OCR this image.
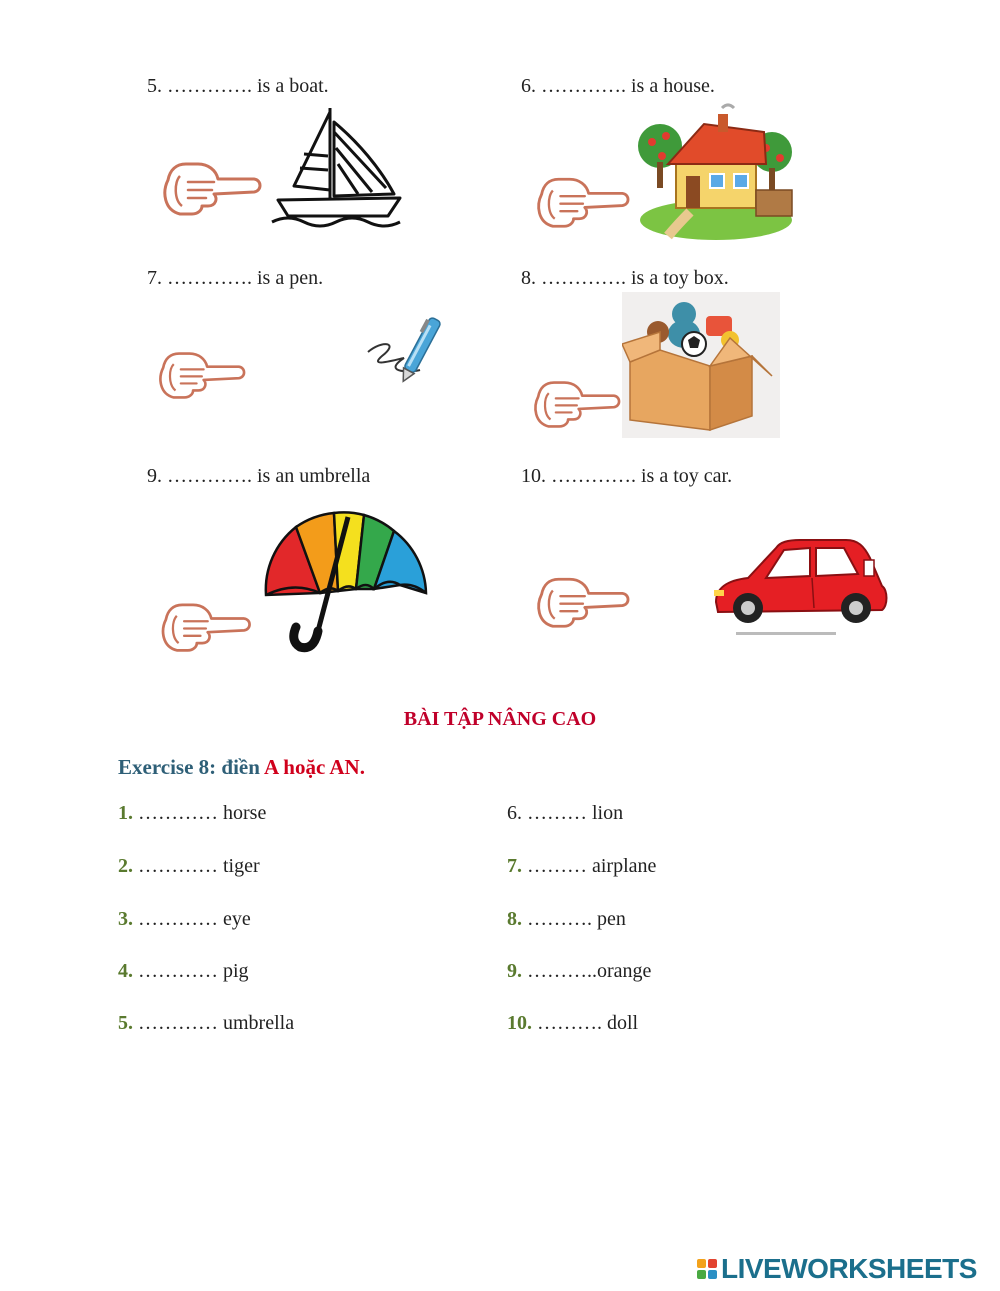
5. …………. is a boat.	6. …………. is a house.
7. …………. is a pen.	8. …………. is a toy box.
9. …………. is an umbrella	10. …………. is a toy car.
BÀI TẬP NÂNG CAO
Exercise 8: điền A hoặc AN.
1. ………… horse
2. ………… tiger
3. ………… eye
4. ………… pig
5. ………… umbrella
6. ……… lion
7. ……… airplane
8. ………. pen
9. ………..orange
10. ………. doll
LIVEWORKSHEETS
